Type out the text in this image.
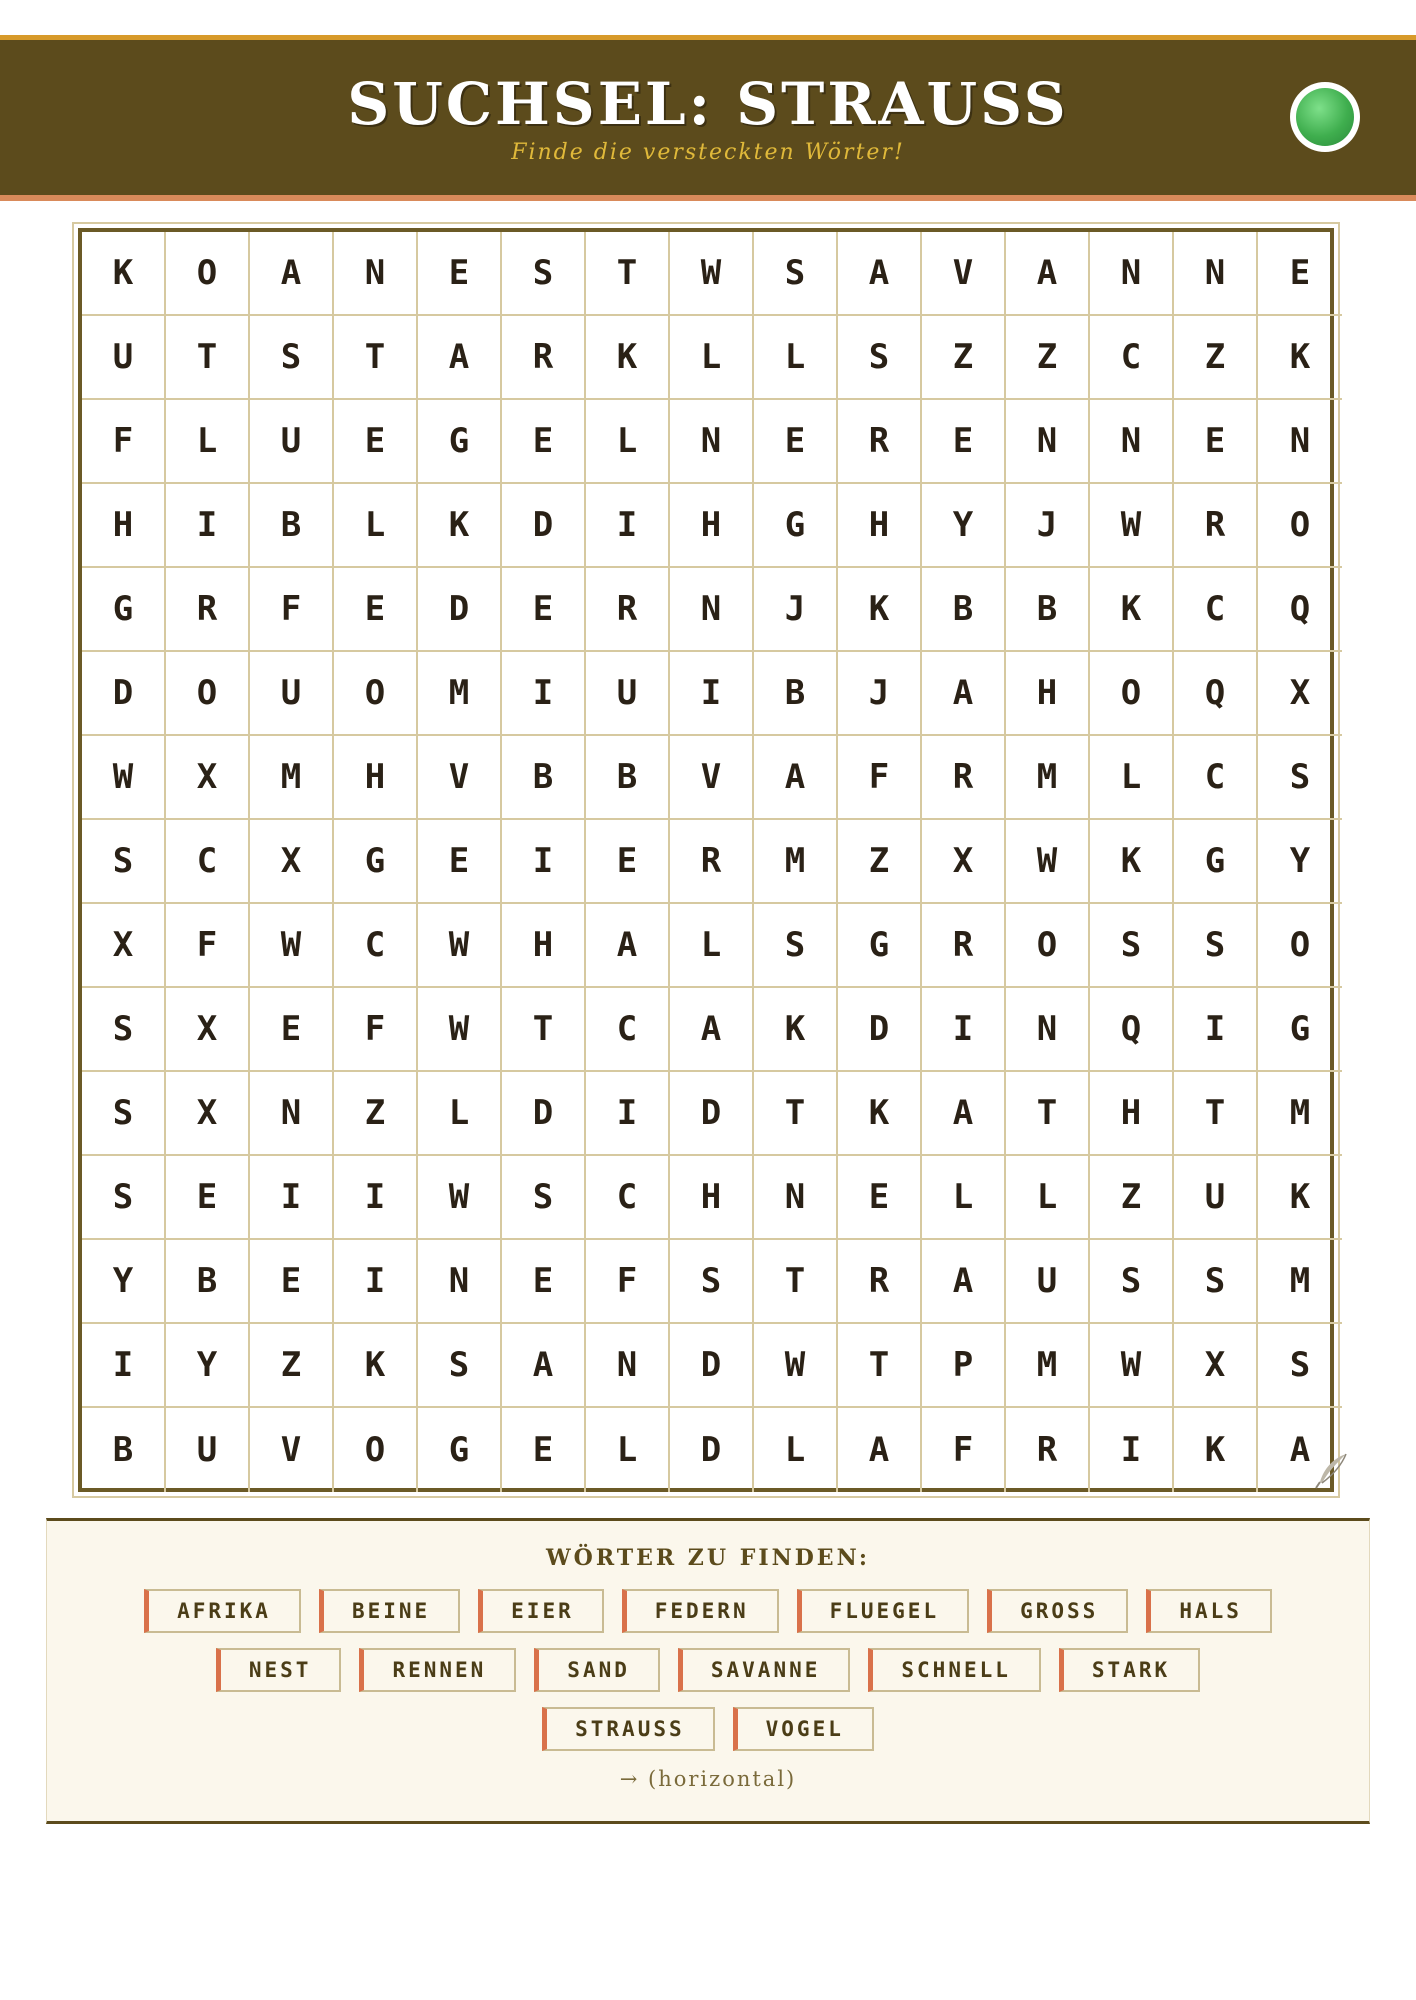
SUCHSEL: STRAUSS
Finde die versteckten Wörter!
K	O	A	N	E	S	T	W	S	A	V	A	N	N	E
U	T	S	T	A	R	K	L	L	S	Z	Z	C	Z	K
F	L	U	E	G	E	L	N	E	R	E	N	N	E	N
H	I	B	L	K	D	I	H	G	H	Y	J	W	R	O
G	R	F	E	D	E	R	N	J	K	B	B	K	C	Q
D	O	U	O	M	I	U	I	B	J	A	H	O	Q	X
W	X	M	H	V	B	B	V	A	F	R	M	L	C	S
S	C	X	G	E	I	E	R	M	Z	X	W	K	G	Y
X	F	W	C	W	H	A	L	S	G	R	O	S	S	O
S	X	E	F	W	T	C	A	K	D	I	N	Q	I	G
S	X	N	Z	L	D	I	D	T	K	A	T	H	T	M
S	E	I	I	W	S	C	H	N	E	L	L	Z	U	K
Y	B	E	I	N	E	F	S	T	R	A	U	S	S	M
I	Y	Z	K	S	A	N	D	W	T	P	M	W	X	S
B	U	V	O	G	E	L	D	L	A	F	R	I	K	A
WÖRTER ZU FINDEN:
AFRIKA	BEINE	EIER	FEDERN	FLUEGEL	GROSS	HALS
NEST	RENNEN	SAND	SAVANNE	SCHNELL	STARK
STRAUSS	VOGEL
→ (horizontal)
